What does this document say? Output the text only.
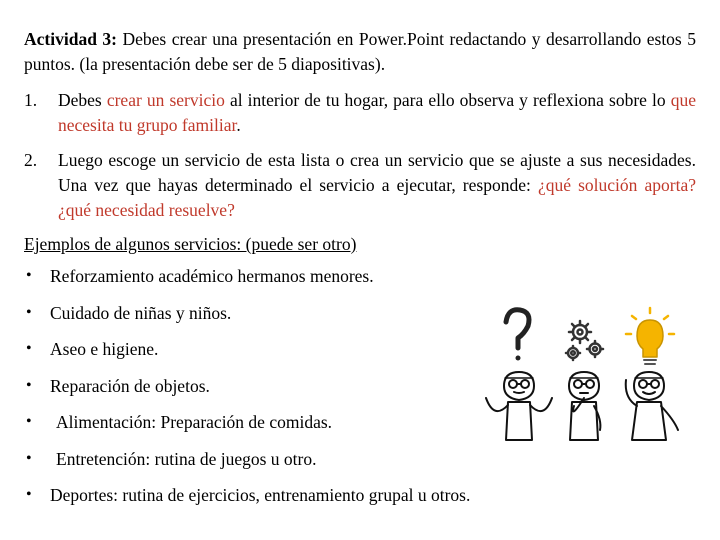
Actividad 3: Debes crear una presentación en Power.Point redactando y desarrollando estos 5 puntos. (la presentación debe ser de 5 diapositivas).

1. Debes crear un servicio al interior de tu hogar, para ello observa y reflexiona sobre lo que necesita tu grupo familiar.
2. Luego escoge un servicio de esta lista o crea un servicio que se ajuste a sus necesidades. Una vez que hayas determinado el servicio a ejecutar, responde: ¿qué solución aporta? ¿qué necesidad resuelve?
Ejemplos de algunos servicios: (puede ser otro)
• Reforzamiento académico hermanos menores.
• Cuidado de niñas y niños.
• Aseo e higiene.
• Reparación de objetos.
• Alimentación: Preparación de comidas.
• Entretención: rutina de juegos u otro.
• Deportes: rutina de ejercicios, entrenamiento grupal u otros.
